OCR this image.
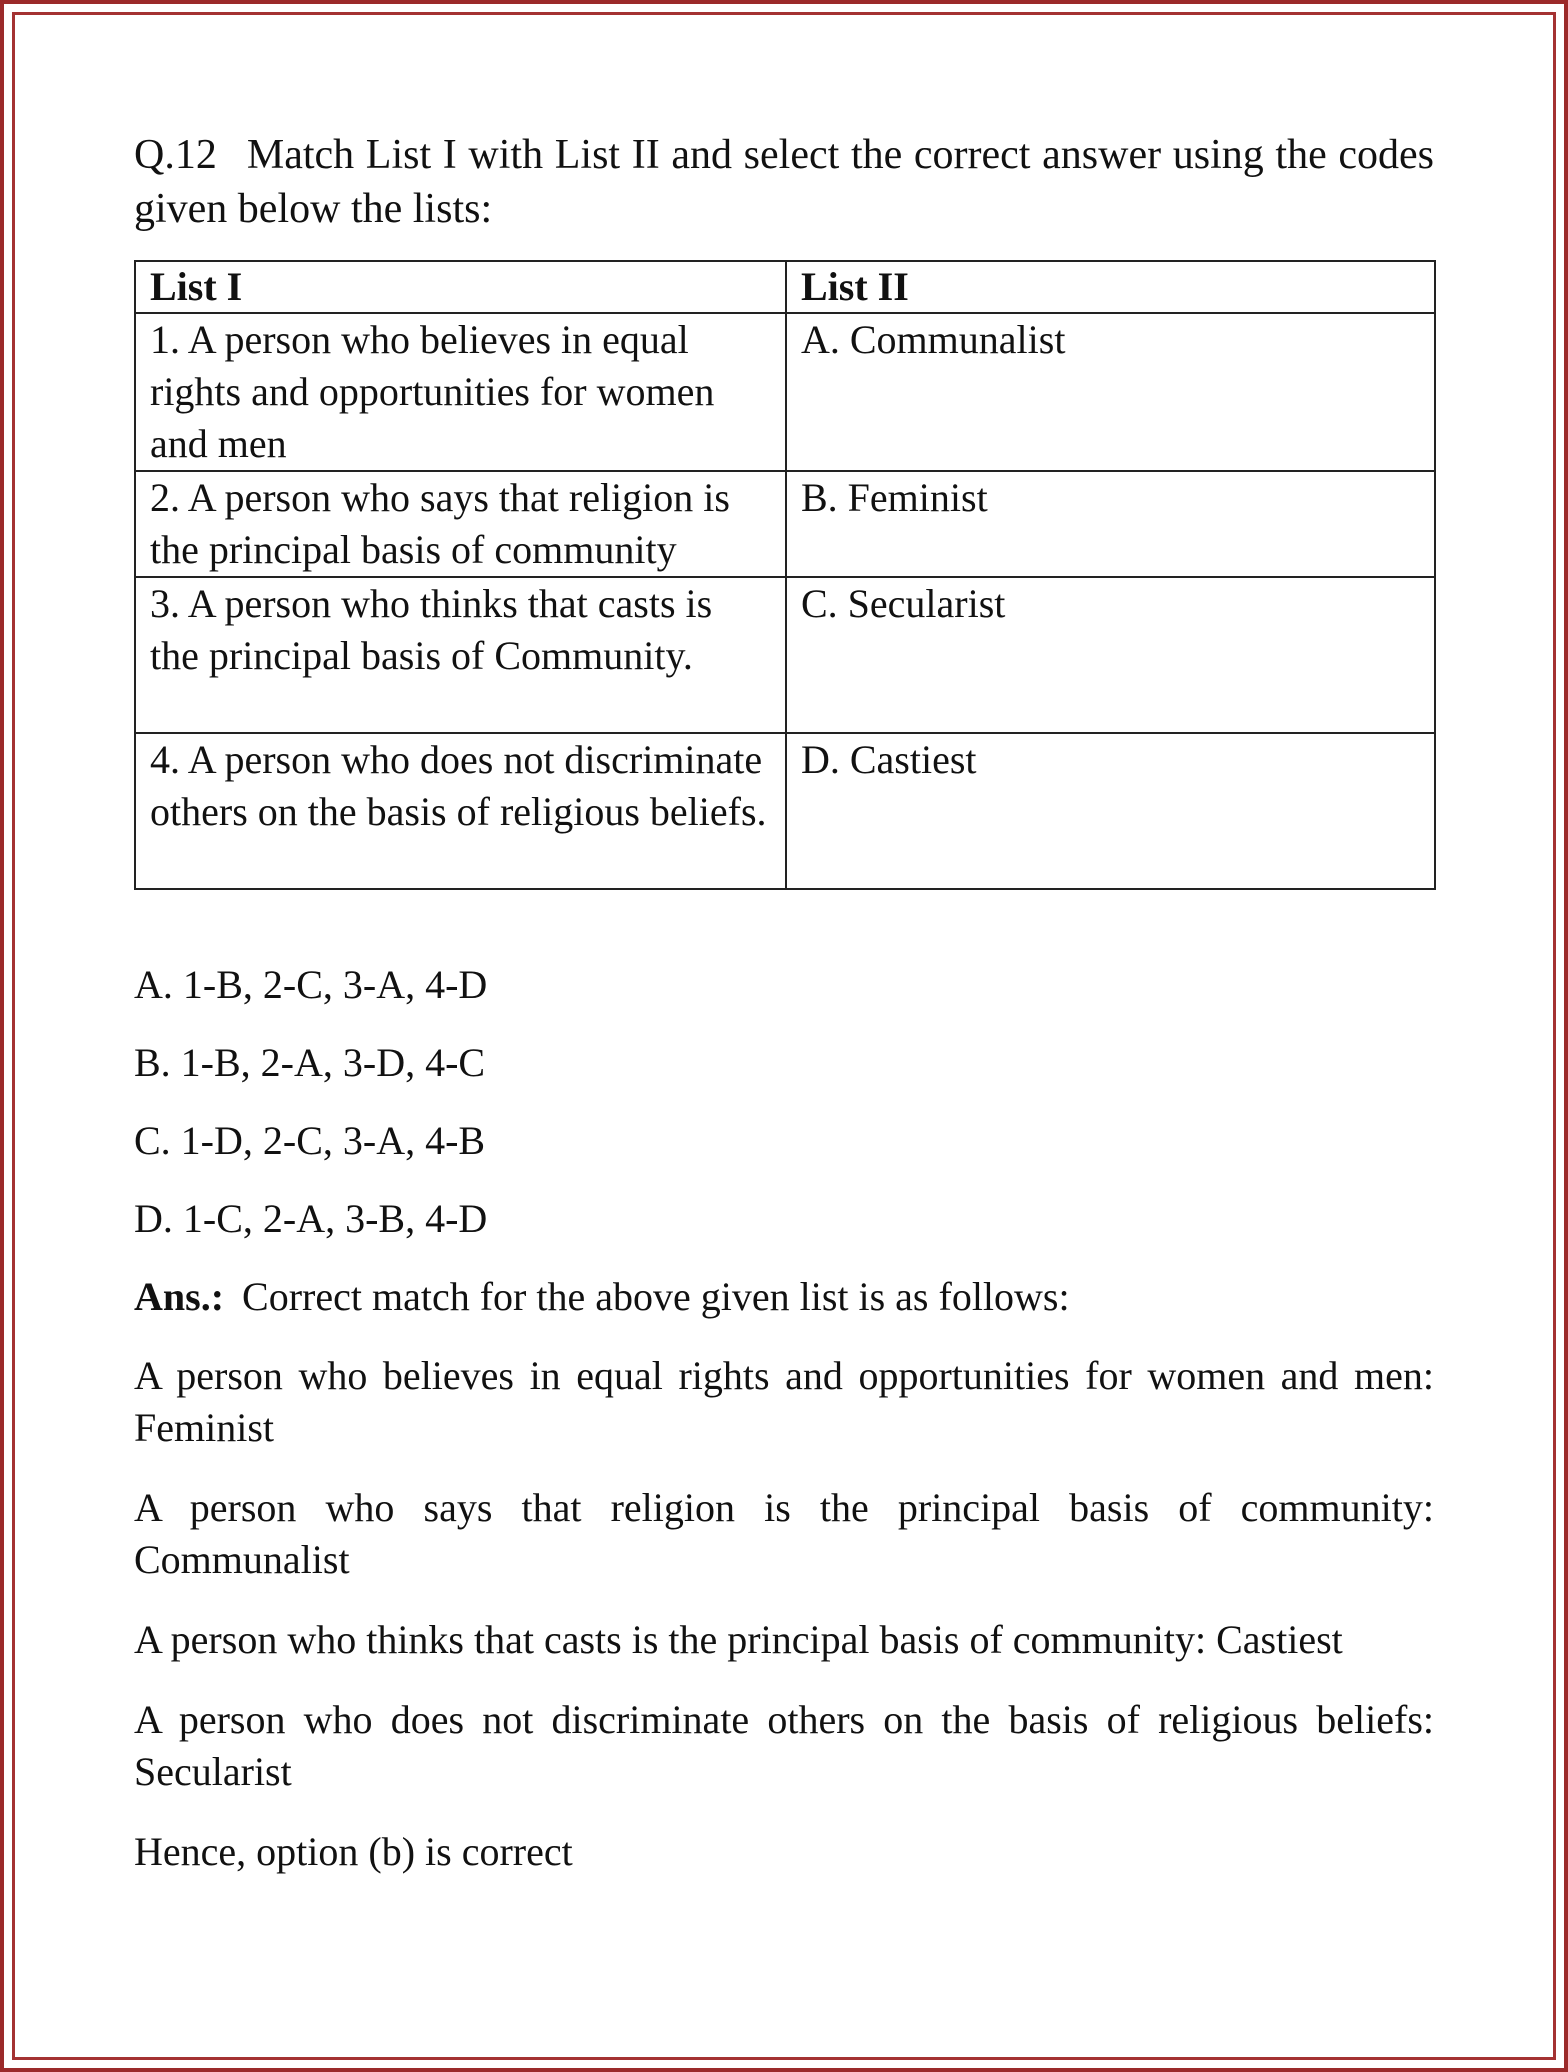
Q.12 Match List I with List II and select the correct answer using the codes given below the lists:

List I	List II
1. A person who believes in equal rights and opportunities for women and men	A. Communalist
2. A person who says that religion is the principal basis of community	B. Feminist
3. A person who thinks that casts is the principal basis of Community.	C. Secularist
4. A person who does not discriminate others on the basis of religious beliefs.	D. Castiest

A. 1-B, 2-C, 3-A, 4-D

B. 1-B, 2-A, 3-D, 4-C

C. 1-D, 2-C, 3-A, 4-B

D. 1-C, 2-A, 3-B, 4-D

Ans.: Correct match for the above given list is as follows:

A person who believes in equal rights and opportunities for women and men: Feminist

A person who says that religion is the principal basis of community: Communalist

A person who thinks that casts is the principal basis of community: Castiest

A person who does not discriminate others on the basis of religious beliefs: Secularist

Hence, option (b) is correct
